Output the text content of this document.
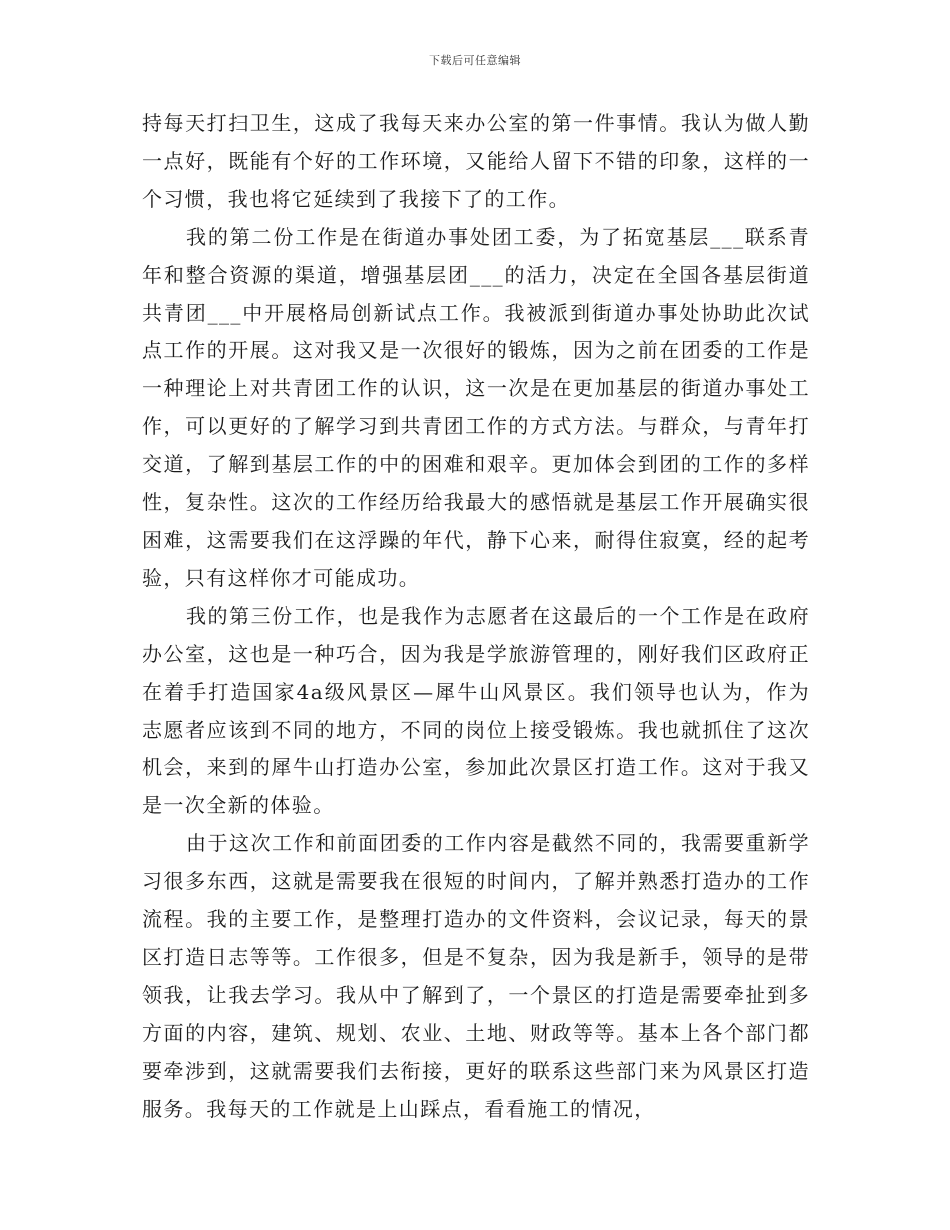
下载后可任意编辑

持每天打扫卫生，这成了我每天来办公室的第一件事情。我认为做人勤一点好，既能有个好的工作环境，又能给人留下不错的印象，这样的一个习惯，我也将它延续到了我接下了的工作。

我的第二份工作是在街道办事处团工委，为了拓宽基层___联系青年和整合资源的渠道，增强基层团___的活力，决定在全国各基层街道共青团___中开展格局创新试点工作。我被派到街道办事处协助此次试点工作的开展。这对我又是一次很好的锻炼，因为之前在团委的工作是一种理论上对共青团工作的认识，这一次是在更加基层的街道办事处工作，可以更好的了解学习到共青团工作的方式方法。与群众，与青年打交道，了解到基层工作的中的困难和艰辛。更加体会到团的工作的多样性，复杂性。这次的工作经历给我最大的感悟就是基层工作开展确实很困难，这需要我们在这浮躁的年代，静下心来，耐得住寂寞，经的起考验，只有这样你才可能成功。

我的第三份工作，也是我作为志愿者在这最后的一个工作是在政府办公室，这也是一种巧合，因为我是学旅游管理的，刚好我们区政府正在着手打造国家4a级风景区—犀牛山风景区。我们领导也认为，作为志愿者应该到不同的地方，不同的岗位上接受锻炼。我也就抓住了这次机会，来到的犀牛山打造办公室，参加此次景区打造工作。这对于我又是一次全新的体验。

由于这次工作和前面团委的工作内容是截然不同的，我需要重新学习很多东西，这就是需要我在很短的时间内，了解并熟悉打造办的工作流程。我的主要工作，是整理打造办的文件资料，会议记录，每天的景区打造日志等等。工作很多，但是不复杂，因为我是新手，领导的是带领我，让我去学习。我从中了解到了，一个景区的打造是需要牵扯到多方面的内容，建筑、规划、农业、土地、财政等等。基本上各个部门都要牵涉到，这就需要我们去衔接，更好的联系这些部门来为风景区打造服务。我每天的工作就是上山踩点，看看施工的情况，
